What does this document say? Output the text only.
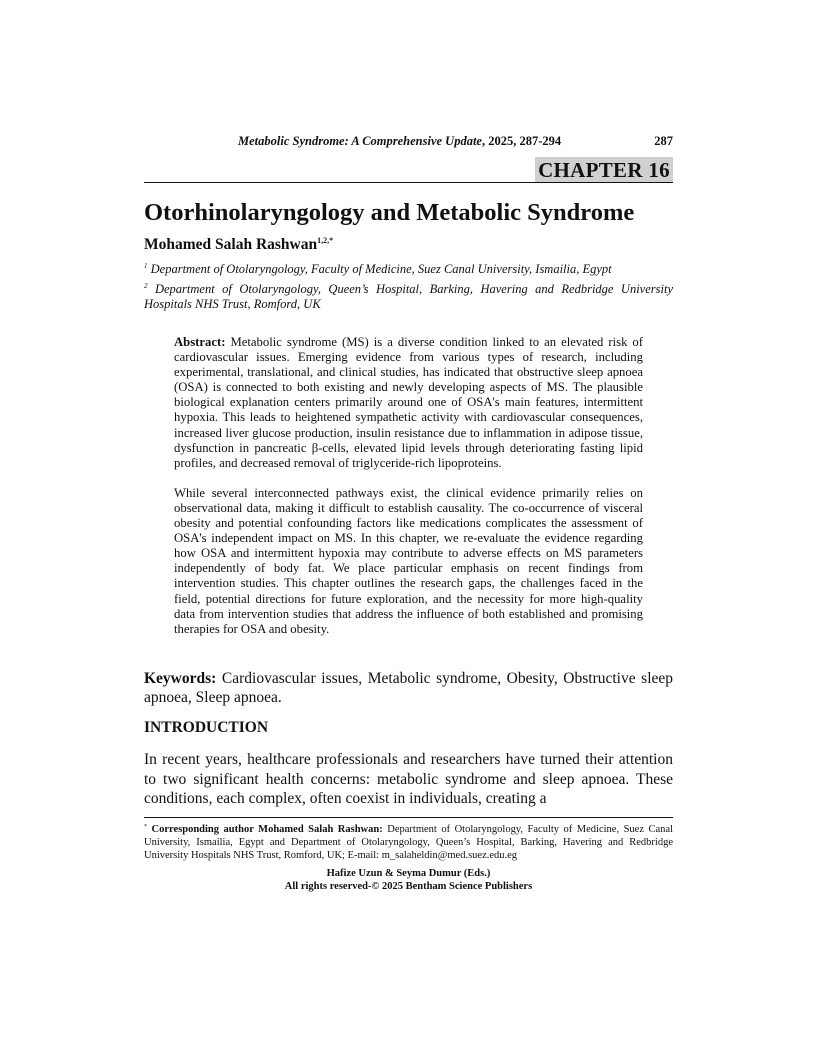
Metabolic Syndrome: A Comprehensive Update, 2025, 287-294	287
CHAPTER 16
Otorhinolaryngology and Metabolic Syndrome
Mohamed Salah Rashwan$^{1,2,*}$
$^1$ Department of Otolaryngology, Faculty of Medicine, Suez Canal University, Ismailia, Egypt
$^2$ Department of Otolaryngology, Queen’s Hospital, Barking, Havering and Redbridge University Hospitals NHS Trust, Romford, UK

Abstract: Metabolic syndrome (MS) is a diverse condition linked to an elevated risk of cardiovascular issues. Emerging evidence from various types of research, including experimental, translational, and clinical studies, has indicated that obstructive sleep apnoea (OSA) is connected to both existing and newly developing aspects of MS. The plausible biological explanation centers primarily around one of OSA's main features, intermittent hypoxia. This leads to heightened sympathetic activity with cardiovascular consequences, increased liver glucose production, insulin resistance due to inflammation in adipose tissue, dysfunction in pancreatic β-cells, elevated lipid levels through deteriorating fasting lipid profiles, and decreased removal of triglyceride-rich lipoproteins.

While several interconnected pathways exist, the clinical evidence primarily relies on observational data, making it difficult to establish causality. The co-occurrence of visceral obesity and potential confounding factors like medications complicates the assessment of OSA's independent impact on MS. In this chapter, we re-evaluate the evidence regarding how OSA and intermittent hypoxia may contribute to adverse effects on MS parameters independently of body fat. We place particular emphasis on recent findings from intervention studies. This chapter outlines the research gaps, the challenges faced in the field, potential directions for future exploration, and the necessity for more high-quality data from intervention studies that address the influence of both established and promising therapies for OSA and obesity.

Keywords: Cardiovascular issues, Metabolic syndrome, Obesity, Obstructive sleep apnoea, Sleep apnoea.
INTRODUCTION

In recent years, healthcare professionals and researchers have turned their attention to two significant health concerns: metabolic syndrome and sleep apnoea. These conditions, each complex, often coexist in individuals, creating a

* Corresponding author Mohamed Salah Rashwan: Department of Otolaryngology, Faculty of Medicine, Suez Canal University, Ismailia, Egypt and Department of Otolaryngology, Queen’s Hospital, Barking, Havering and Redbridge University Hospitals NHS Trust, Romford, UK; E-mail: m_salaheldin@med.suez.edu.eg

Hafize Uzun & Seyma Dumur (Eds.)
All rights reserved-© 2025 Bentham Science Publishers
